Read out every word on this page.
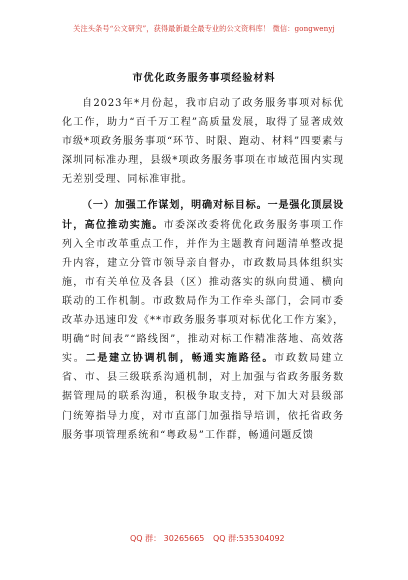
关注头条号“公文研究”，获得最新最全最专业的公文资料库！ 微信：gongwenyj
市优化政务服务事项经验材料

自2023年*月份起，我市启动了政务服务事项对标优化工作，助力“百千万工程”高质量发展，取得了显著成效市级*项政务服务事项“环节、时限、跑动、材料”四要素与深圳同标准办理，县级*项政务服务事项在市域范围内实现无差别受理、同标准审批。

（一）加强工作谋划，明确对标目标。一是强化顶层设计，高位推动实施。市委深改委将优化政务服务事项工作列入全市改革重点工作，并作为主题教育问题清单整改提升内容，建立分管市领导亲自督办，市政数局具体组织实施，市有关单位及各县（区）推动落实的纵向贯通、横向联动的工作机制。市政数局作为工作牵头部门，会同市委改革办迅速印发《**市政务服务事项对标优化工作方案》，明确“时间表”“路线图”，推动对标工作精准落地、高效落实。二是建立协调机制，畅通实施路径。市政数局建立省、市、县三级联系沟通机制，对上加强与省政务服务数据管理局的联系沟通，积极争取支持，对下加大对县级部门统筹指导力度，对市直部门加强指导培训，依托省政务服务事项管理系统和“粤政易”工作群，畅通问题反馈

QQ 群： 30265665 QQ 群:535304092
